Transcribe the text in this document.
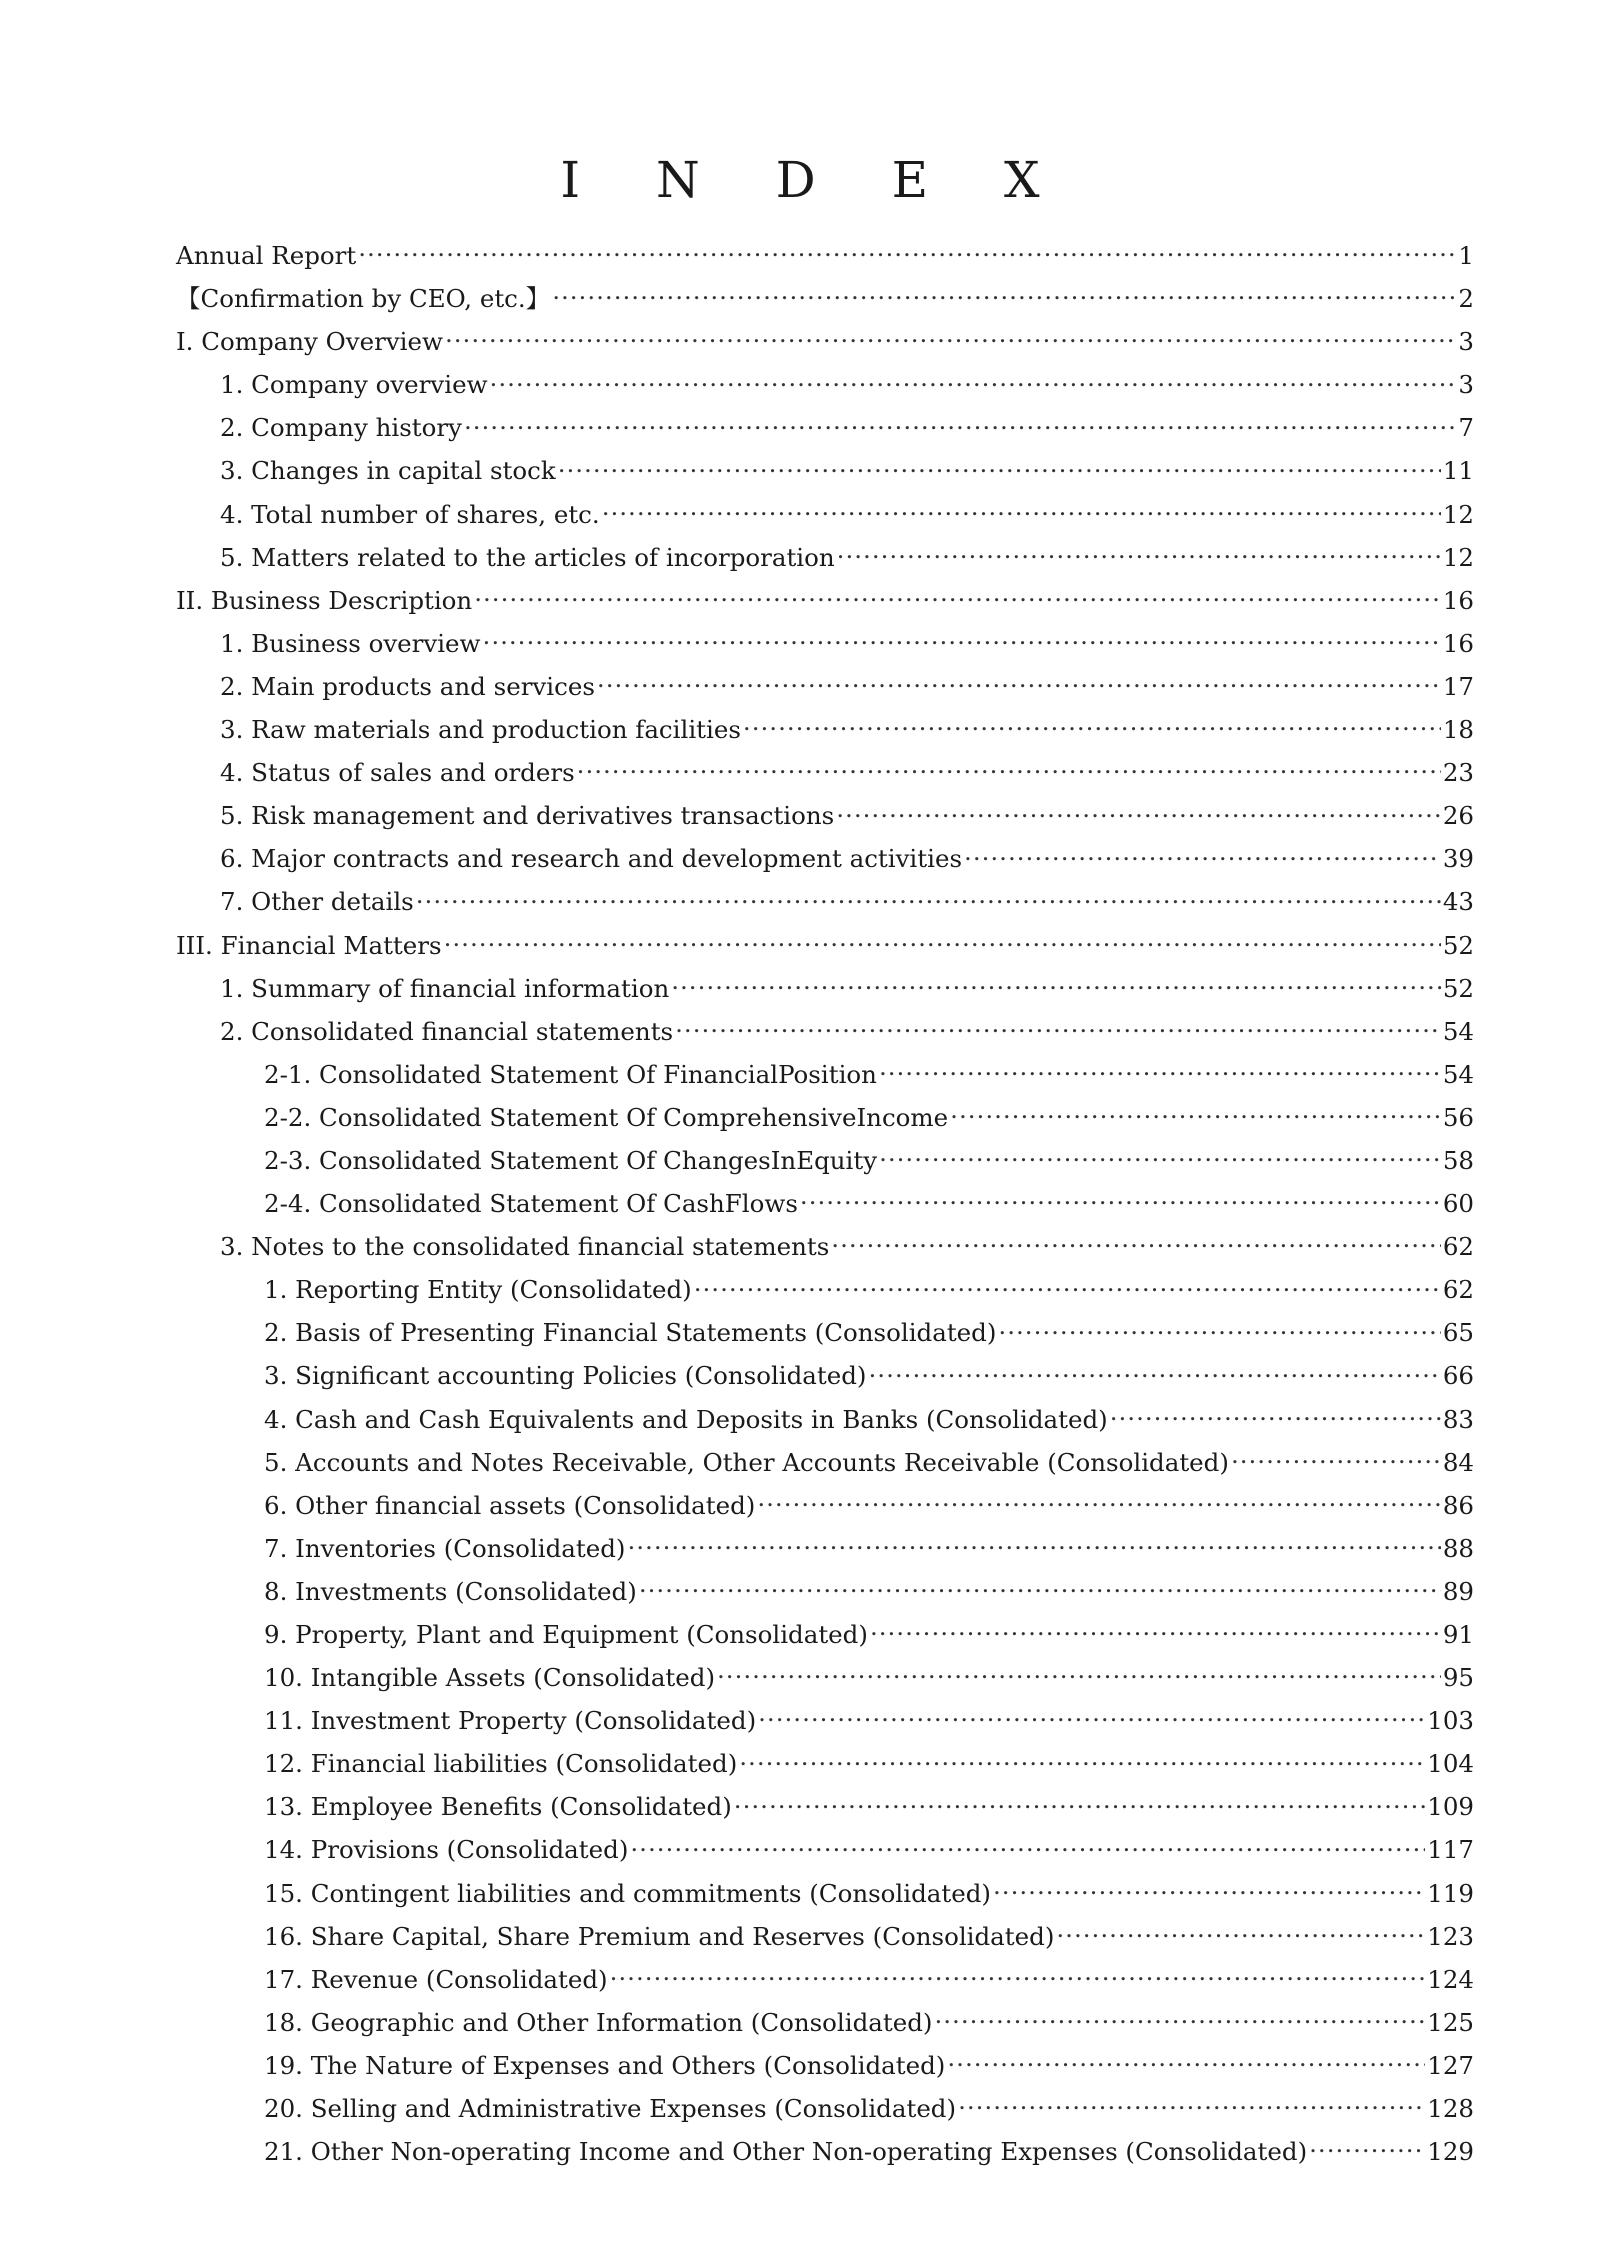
I N D E X
Annual Report .....	1
【Confirmation by CEO, etc.】 .....	2
I. Company Overview .....	3
1. Company overview .....	3
2. Company history .....	7
3. Changes in capital stock .....	11
4. Total number of shares, etc. .....	12
5. Matters related to the articles of incorporation .....	12
II. Business Description .....	16
1. Business overview .....	16
2. Main products and services .....	17
3. Raw materials and production facilities .....	18
4. Status of sales and orders .....	23
5. Risk management and derivatives transactions .....	26
6. Major contracts and research and development activities .....	39
7. Other details .....	43
III. Financial Matters .....	52
1. Summary of financial information .....	52
2. Consolidated financial statements .....	54
2-1. Consolidated Statement Of FinancialPosition .....	54
2-2. Consolidated Statement Of ComprehensiveIncome .....	56
2-3. Consolidated Statement Of ChangesInEquity .....	58
2-4. Consolidated Statement Of CashFlows .....	60
3. Notes to the consolidated financial statements .....	62
1. Reporting Entity (Consolidated) .....	62
2. Basis of Presenting Financial Statements (Consolidated) .....	65
3. Significant accounting Policies (Consolidated) .....	66
4. Cash and Cash Equivalents and Deposits in Banks (Consolidated) .....	83
5. Accounts and Notes Receivable, Other Accounts Receivable (Consolidated) .....	84
6. Other financial assets (Consolidated) .....	86
7. Inventories (Consolidated) .....	88
8. Investments (Consolidated) .....	89
9. Property, Plant and Equipment (Consolidated) .....	91
10. Intangible Assets (Consolidated) .....	95
11. Investment Property (Consolidated) .....	103
12. Financial liabilities (Consolidated) .....	104
13. Employee Benefits (Consolidated) .....	109
14. Provisions (Consolidated) .....	117
15. Contingent liabilities and commitments (Consolidated) .....	119
16. Share Capital, Share Premium and Reserves (Consolidated) .....	123
17. Revenue (Consolidated) .....	124
18. Geographic and Other Information (Consolidated) .....	125
19. The Nature of Expenses and Others (Consolidated) .....	127
20. Selling and Administrative Expenses (Consolidated) .....	128
21. Other Non-operating Income and Other Non-operating Expenses (Consolidated) .....	129
